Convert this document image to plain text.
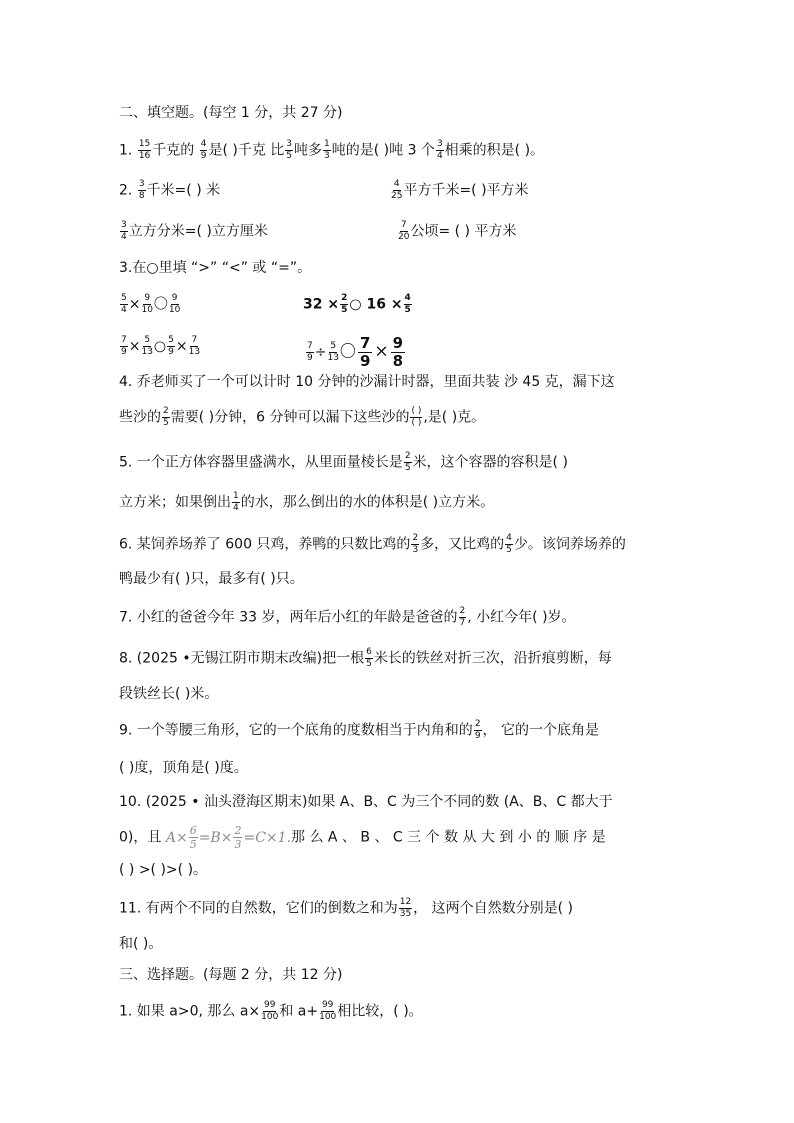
二、填空题。(每空 1 分，共 27 分)
1. $\frac{15}{16}$ 千克的 $\frac{4}{9}$ 是( )千克 比 $\frac{3}{5}$ 吨多 $\frac{1}{3}$ 吨的是( )吨 3 个 $\frac{3}{4}$ 相乘的积是( )。
2. $\frac{3}{8}$ 千米=( ) 米	$\frac{4}{25}$ 平方千米=( )平方米
$\frac{3}{4}$ 立方分米=( )立方厘米	$\frac{7}{20}$ 公顷= ( ) 平方米
3.在○里填 “>” “<” 或 “=”。
$\frac{5}{4} \times \frac{9}{10}$ 〇 $\frac{9}{10}$	$32 \times \frac{2}{5}$ ○ $16 \times \frac{4}{5}$
$\frac{7}{9} \times \frac{5}{13}$ ○ $\frac{5}{9} \times \frac{7}{13}$	$\frac{7}{9} \div \frac{5}{13}$ 〇 $\frac{7}{9} \times \frac{9}{8}$
4. 乔老师买了一个可以计时 10 分钟的沙漏计时器，里面共装 沙 45 克，漏下这
些沙的 $\frac{2}{5}$ 需要( )分钟，6 分钟可以漏下这些沙的 ( )
( ) ,是( )克。
5. 一个正方体容器里盛满水，从里面量棱长是 $\frac{2}{5}$ 米，这个容器的容积是( )
立方米；如果倒出 $\frac{1}{4}$ 的水，那么倒出的水的体积是( )立方米。
6. 某饲养场养了 600 只鸡，养鸭的只数比鸡的 $\frac{2}{3}$ 多，又比鸡的 $\frac{4}{5}$ 少。该饲养场养的
鸭最少有( )只，最多有( )只。
7. 小红的爸爸今年 33 岁，两年后小红的年龄是爸爸的 $\frac{2}{7}$ , 小红今年( )岁。
8. (2025 •无锡江阴市期末改编)把一根 $\frac{6}{5}$ 米长的铁丝对折三次，沿折痕剪断，每
段铁丝长( )米。
9. 一个等腰三角形，它的一个底角的度数相当于内角和的 $\frac{2}{9}$ ， 它的一个底角是
( )度，顶角是( )度。
10. (2025 • 汕头澄海区期末)如果 A、B、C 为三个不同的数 (A、B、C 都大于
0)，且 $A\times \frac{6}{5} =B\times \frac{2}{3} =C\times 1$.那 么 A 、 B 、 C 三 个 数 从 大 到 小 的 顺 序 是
( ) >( )>( )。
11. 有两个不同的自然数，它们的倒数之和为 $\frac{12}{35}$ ， 这两个自然数分别是( )
和( )。
三、选择题。(每题 2 分，共 12 分)
1. 如果 a>0, 那么 $a\times \frac{99}{100}$ 和 $a+ \frac{99}{100}$ 相比较，( )。
